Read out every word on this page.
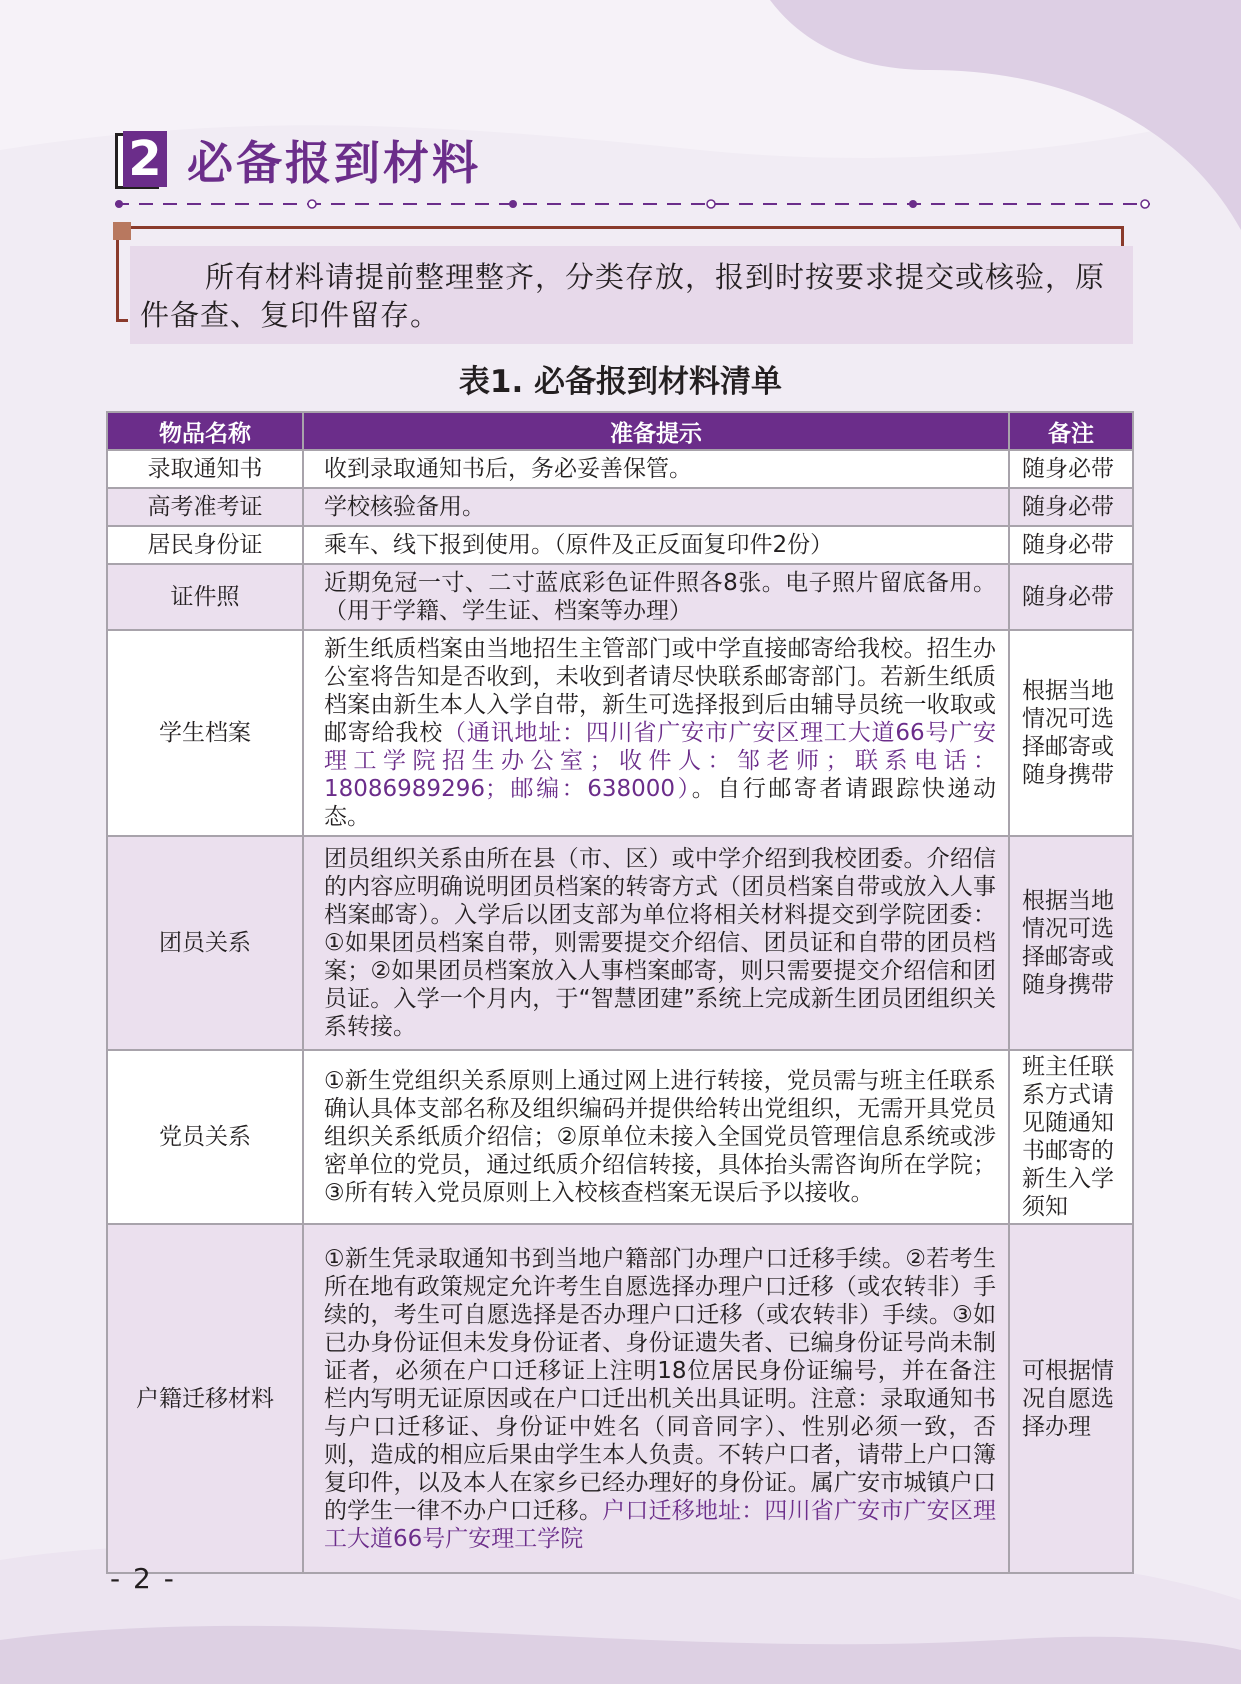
2 必备报到材料
所有材料请提前整理整齐，分类存放，报到时按要求提交或核验，原件备查、复印件留存。
表1. 必备报到材料清单
物品名称	准备提示	备注
录取通知书	收到录取通知书后，务必妥善保管。	随身必带
高考准考证	学校核验备用。	随身必带
居民身份证	乘车、线下报到使用。（原件及正反面复印件2份）	随身必带
证件照	近期免冠一寸、二寸蓝底彩色证件照各8张。电子照片留底备用。（用于学籍、学生证、档案等办理）	随身必带
学生档案	新生纸质档案由当地招生主管部门或中学直接邮寄给我校。招生办公室将告知是否收到，未收到者请尽快联系邮寄部门。若新生纸质档案由新生本人入学自带，新生可选择报到后由辅导员统一收取或邮寄给我校（通讯地址：四川省广安市广安区理工大道66号广安理工学院招生办公室；收件人：邹老师；联系电话：18086989296；邮编：638000）。自行邮寄者请跟踪快递动态。	根据当地情况可选择邮寄或随身携带
团员关系	团员组织关系由所在县（市、区）或中学介绍到我校团委。介绍信的内容应明确说明团员档案的转寄方式（团员档案自带或放入人事档案邮寄）。入学后以团支部为单位将相关材料提交到学院团委：①如果团员档案自带，则需要提交介绍信、团员证和自带的团员档案；②如果团员档案放入人事档案邮寄，则只需要提交介绍信和团员证。入学一个月内，于“智慧团建”系统上完成新生团员团组织关系转接。	根据当地情况可选择邮寄或随身携带
党员关系	①新生党组织关系原则上通过网上进行转接，党员需与班主任联系确认具体支部名称及组织编码并提供给转出党组织，无需开具党员组织关系纸质介绍信；②原单位未接入全国党员管理信息系统或涉密单位的党员，通过纸质介绍信转接，具体抬头需咨询所在学院；③所有转入党员原则上入校核查档案无误后予以接收。	班主任联系方式请见随通知书邮寄的新生入学须知
户籍迁移材料	①新生凭录取通知书到当地户籍部门办理户口迁移手续。②若考生所在地有政策规定允许考生自愿选择办理户口迁移（或农转非）手续的，考生可自愿选择是否办理户口迁移（或农转非）手续。③如已办身份证但未发身份证者、身份证遗失者、已编身份证号尚未制证者，必须在户口迁移证上注明18位居民身份证编号，并在备注栏内写明无证原因或在户口迁出机关出具证明。注意：录取通知书与户口迁移证、身份证中姓名（同音同字）、性别必须一致，否则，造成的相应后果由学生本人负责。不转户口者，请带上户口簿复印件，以及本人在家乡已经办理好的身份证。属广安市城镇户口的学生一律不办户口迁移。户口迁移地址：四川省广安市广安区理工大道66号广安理工学院	可根据情况自愿选择办理
- 2 -
